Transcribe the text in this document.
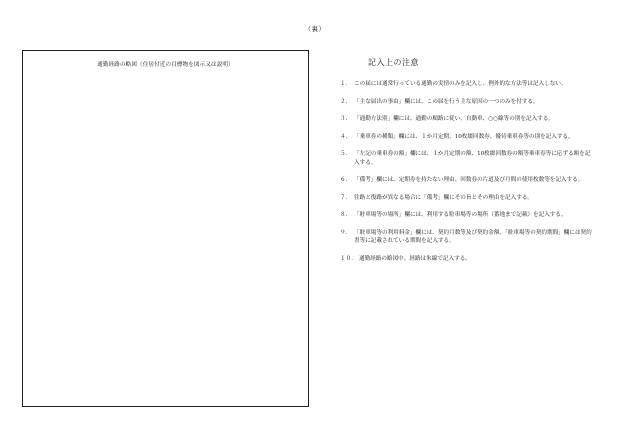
（裏）
通勤経路の略図（住居付近の目標物を図示又は説明）	記入上の注意
１． この届には通常行っている通勤の実情のみを記入し、例外的な方法等は記入しない。
２． 「主な届出の事由」欄には、この届を行う主な原因の一つのみを付する。
３． 「通勤方法別」欄には、通勤の順路に従い、自動車、○○線等の別を記入する。
４． 「乗車券の種類」欄には、１か月定期、10枚綴回数券、優待乗車券等の別を記入する。
５． 「左記の乗車券の額」欄には、１か月定期の額、10枚綴回数券の額等乗車券等に応ずる額を記入する。
６． 「備考」欄には、定期券を持たない理由、回数券の片道及び月間の使用枚数等を記入する。
７． 往路と復路が異なる場合に「備考」欄にその旨とその理由を記入する。
８． 「駐車場等の場所」欄には、利用する駐車場等の場所（番地まで記載）を記入する。
９． 「駐車場等の利用料金」欄には、契約月数等及び契約金額、「駐車場等の契約期間」欄には契約書等に記載されている期間を記入する。
１０． 通勤経路の略図中、経路は朱線で記入する。
